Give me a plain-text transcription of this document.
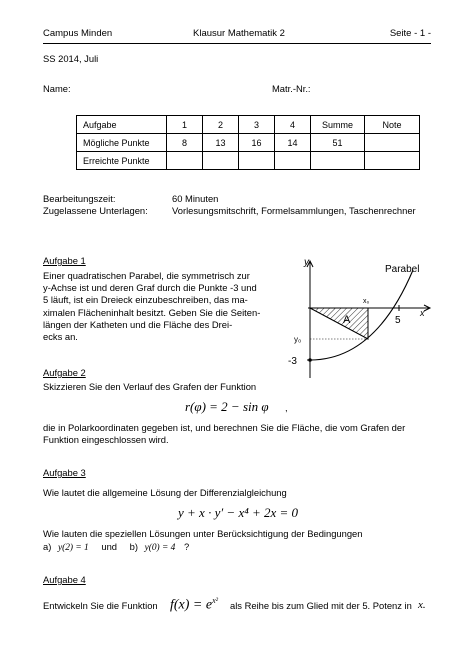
Campus Minden	Klausur Mathematik 2	Seite - 1 -
SS 2014, Juli
Name:	Matr.-Nr.:
Aufgabe	1	2	3	4	Summe	Note
Mögliche Punkte	8	13	16	14	51	
Erreichte Punkte						
Bearbeitungszeit:	60 Minuten
Zugelassene Unterlagen:	Vorlesungsmitschrift, Formelsammlungen, Taschenrechner
Aufgabe 1
Einer quadratischen Parabel, die symmetrisch zur
y-Achse ist und deren Graf durch die Punkte -3 und
5 läuft, ist ein Dreieck einzubeschreiben, das ma-
ximalen Flächeninhalt besitzt. Geben Sie die Seiten-
längen der Katheten und die Fläche des Drei-
ecks an.
y
x
Parabel
A
x₀
y₀
5
-3
Aufgabe 2
Skizzieren Sie den Verlauf des Grafen der Funktion
r(φ) = 2 − sin φ ,
die in Polarkoordinaten gegeben ist, und berechnen Sie die Fläche, die vom Grafen der
Funktion eingeschlossen wird.
Aufgabe 3
Wie lautet die allgemeine Lösung der Differenzialgleichung
y + x · y′ − x⁴ + 2x = 0
Wie lauten die speziellen Lösungen unter Berücksichtigung der Bedingungen
a) y(2) = 1 und b) y(0) = 4 ?
Aufgabe 4
Entwickeln Sie die Funktion $f(x) = e^{x^2}$ als Reihe bis zum Glied mit der 5. Potenz in x.
